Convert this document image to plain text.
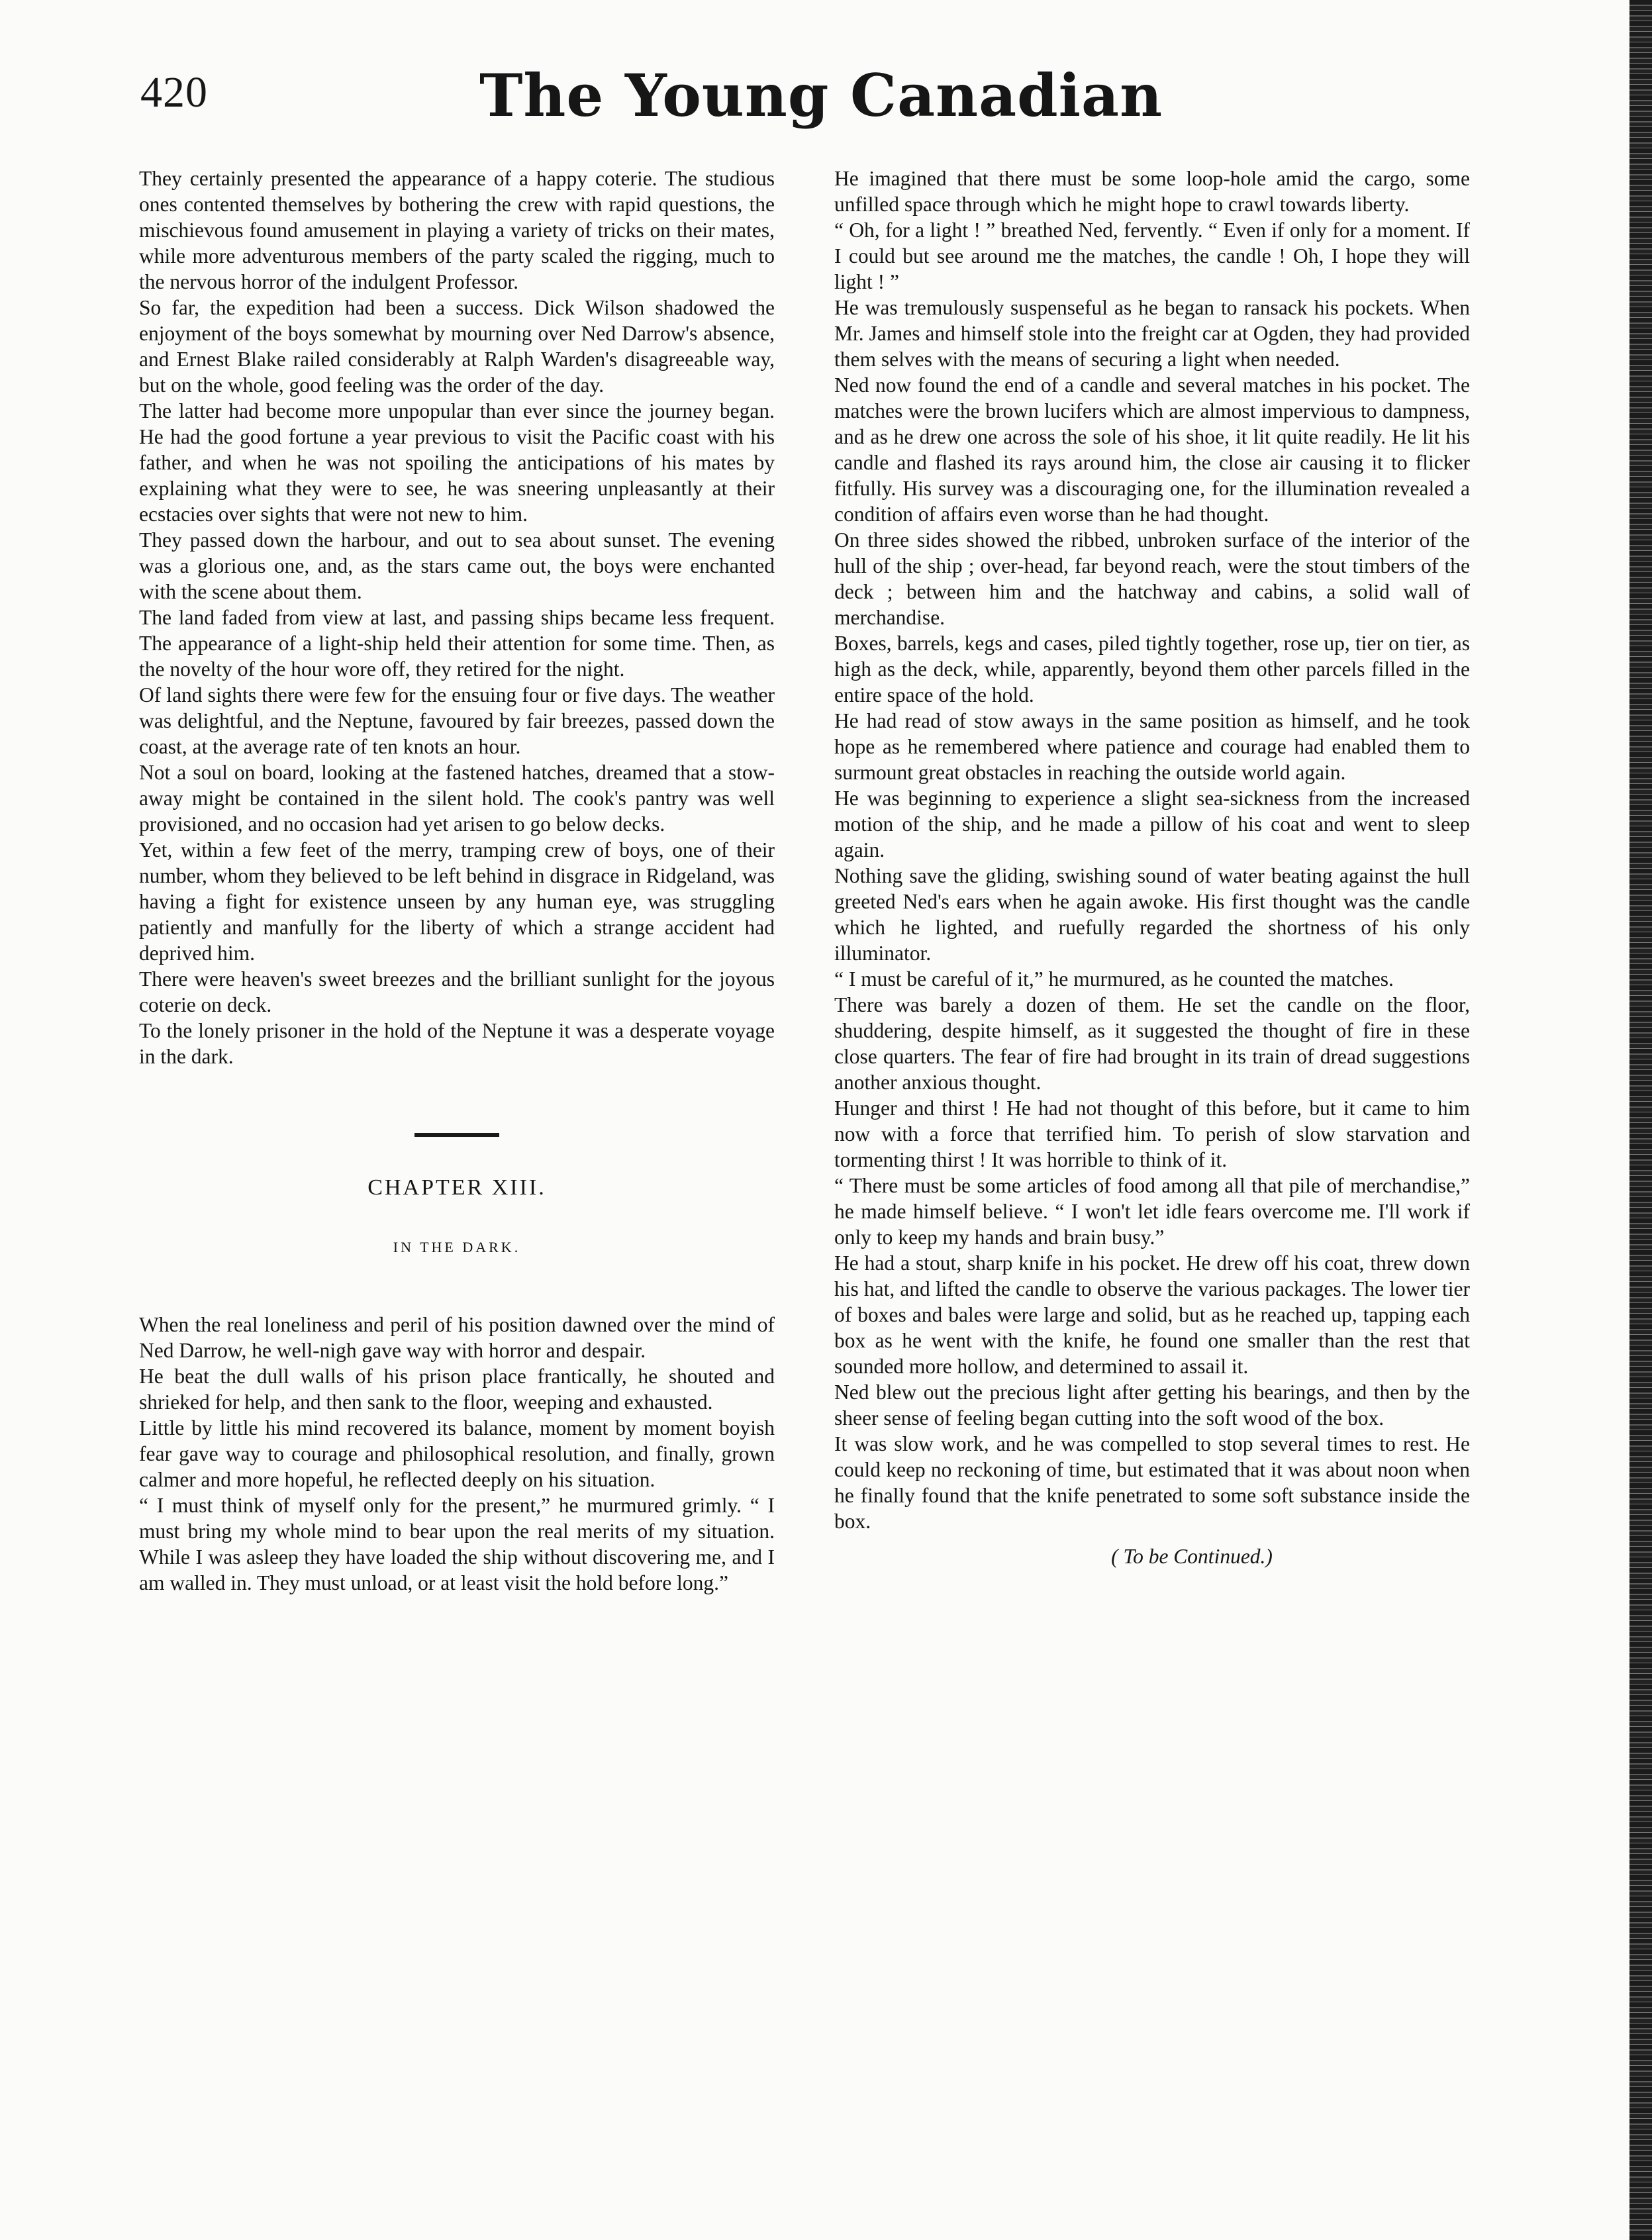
420	The Young Canadian

They certainly presented the appearance of a happy coterie. The studious ones contented themselves by bothering the crew with rapid questions, the mischievous found amusement in playing a variety of tricks on their mates, while more adventurous members of the party scaled the rigging, much to the nervous horror of the indulgent Professor.

So far, the expedition had been a success. Dick Wilson shadowed the enjoyment of the boys somewhat by mourning over Ned Darrow's absence, and Ernest Blake railed considerably at Ralph Warden's disagreeable way, but on the whole, good feeling was the order of the day.

The latter had become more unpopular than ever since the journey began. He had the good fortune a year previous to visit the Pacific coast with his father, and when he was not spoiling the anticipations of his mates by explaining what they were to see, he was sneering unpleasantly at their ecstacies over sights that were not new to him.

They passed down the harbour, and out to sea about sunset. The evening was a glorious one, and, as the stars came out, the boys were enchanted with the scene about them.

The land faded from view at last, and passing ships became less frequent. The appearance of a light-ship held their attention for some time. Then, as the novelty of the hour wore off, they retired for the night.

Of land sights there were few for the ensuing four or five days. The weather was delightful, and the Neptune, favoured by fair breezes, passed down the coast, at the average rate of ten knots an hour.

Not a soul on board, looking at the fastened hatches, dreamed that a stow-away might be contained in the silent hold. The cook's pantry was well provisioned, and no occasion had yet arisen to go below decks.

Yet, within a few feet of the merry, tramping crew of boys, one of their number, whom they believed to be left behind in disgrace in Ridgeland, was having a fight for existence unseen by any human eye, was struggling patiently and manfully for the liberty of which a strange accident had deprived him.

There were heaven's sweet breezes and the brilliant sunlight for the joyous coterie on deck.

To the lonely prisoner in the hold of the Neptune it was a desperate voyage in the dark.

CHAPTER XIII.
IN THE DARK.

When the real loneliness and peril of his position dawned over the mind of Ned Darrow, he well-nigh gave way with horror and despair.

He beat the dull walls of his prison place frantically, he shouted and shrieked for help, and then sank to the floor, weeping and exhausted.

Little by little his mind recovered its balance, moment by moment boyish fear gave way to courage and philosophical resolution, and finally, grown calmer and more hopeful, he reflected deeply on his situation.

“ I must think of myself only for the present,” he murmured grimly. “ I must bring my whole mind to bear upon the real merits of my situation. While I was asleep they have loaded the ship without discovering me, and I am walled in. They must unload, or at least visit the hold before long.”

He imagined that there must be some loop-hole amid the cargo, some unfilled space through which he might hope to crawl towards liberty.

“ Oh, for a light ! ” breathed Ned, fervently. “ Even if only for a moment. If I could but see around me the matches, the candle ! Oh, I hope they will light ! ”

He was tremulously suspenseful as he began to ransack his pockets. When Mr. James and himself stole into the freight car at Ogden, they had provided them selves with the means of securing a light when needed.

Ned now found the end of a candle and several matches in his pocket. The matches were the brown lucifers which are almost impervious to dampness, and as he drew one across the sole of his shoe, it lit quite readily. He lit his candle and flashed its rays around him, the close air causing it to flicker fitfully. His survey was a discouraging one, for the illumination revealed a condition of affairs even worse than he had thought.

On three sides showed the ribbed, unbroken surface of the interior of the hull of the ship ; over-head, far beyond reach, were the stout timbers of the deck ; between him and the hatchway and cabins, a solid wall of merchandise.

Boxes, barrels, kegs and cases, piled tightly together, rose up, tier on tier, as high as the deck, while, apparently, beyond them other parcels filled in the entire space of the hold.

He had read of stow aways in the same position as himself, and he took hope as he remembered where patience and courage had enabled them to surmount great obstacles in reaching the outside world again.

He was beginning to experience a slight sea-sickness from the increased motion of the ship, and he made a pillow of his coat and went to sleep again.

Nothing save the gliding, swishing sound of water beating against the hull greeted Ned's ears when he again awoke. His first thought was the candle which he lighted, and ruefully regarded the shortness of his only illuminator.

“ I must be careful of it,” he murmured, as he counted the matches.

There was barely a dozen of them. He set the candle on the floor, shuddering, despite himself, as it suggested the thought of fire in these close quarters. The fear of fire had brought in its train of dread suggestions another anxious thought.

Hunger and thirst ! He had not thought of this before, but it came to him now with a force that terrified him. To perish of slow starvation and tormenting thirst ! It was horrible to think of it.

“ There must be some articles of food among all that pile of merchandise,” he made himself believe. “ I won't let idle fears overcome me. I'll work if only to keep my hands and brain busy.”

He had a stout, sharp knife in his pocket. He drew off his coat, threw down his hat, and lifted the candle to observe the various packages. The lower tier of boxes and bales were large and solid, but as he reached up, tapping each box as he went with the knife, he found one smaller than the rest that sounded more hollow, and determined to assail it.

Ned blew out the precious light after getting his bearings, and then by the sheer sense of feeling began cutting into the soft wood of the box.

It was slow work, and he was compelled to stop several times to rest. He could keep no reckoning of time, but estimated that it was about noon when he finally found that the knife penetrated to some soft substance inside the box.

( To be Continued.)
